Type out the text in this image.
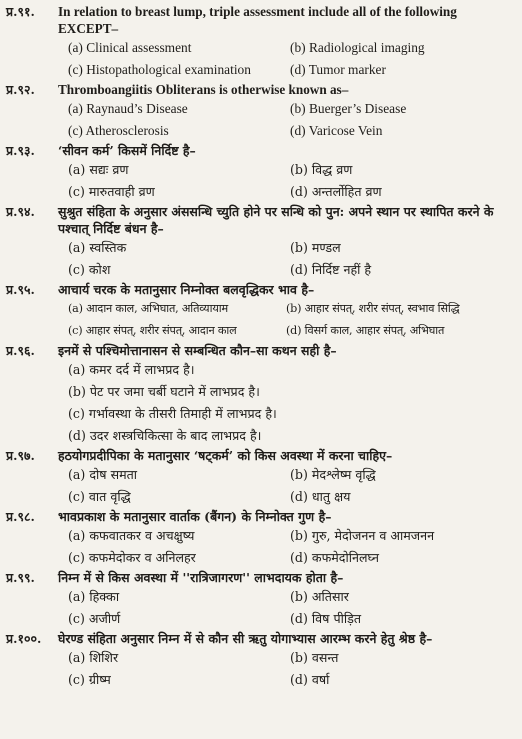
प्र.९१.	In relation to breast lump, triple assessment include all of the following EXCEPT–
(a) Clinical assessment	(b) Radiological imaging
(c) Histopathological examination	(d) Tumor marker
प्र.९२.	Thromboangiitis Obliterans is otherwise known as–
(a) Raynaud’s Disease	(b) Buerger’s Disease
(c) Atherosclerosis	(d) Varicose Vein
प्र.९३.	‘सीवन कर्म’ किसमें निर्दिष्ट है–
(a) सद्यः व्रण	(b) विद्ध व्रण
(c) मारुतवाही व्रण	(d) अन्तर्लोहित व्रण
प्र.९४.	सुश्रुत संहिता के अनुसार अंससन्धि च्युति होने पर सन्धि को पुन: अपने स्थान पर स्थापित करने के पश्चात् निर्दिष्ट बंधन है–
(a) स्वस्तिक	(b) मण्डल
(c) कोश	(d) निर्दिष्ट नहीं है
प्र.९५.	आचार्य चरक के मतानुसार निम्नोक्त बलवृद्धिकर भाव है–
(a) आदान काल, अभिघात, अतिव्यायाम	(b) आहार संपत्, शरीर संपत्, स्वभाव सिद्धि
(c) आहार संपत्, शरीर संपत्, आदान काल	(d) विसर्ग काल, आहार संपत्, अभिघात
प्र.९६.	इनमें से पश्चिमोत्तानासन से सम्बन्धित कौन–सा कथन सही है–
(a) कमर दर्द में लाभप्रद है।
(b) पेट पर जमा चर्बी घटाने में लाभप्रद है।
(c) गर्भावस्था के तीसरी तिमाही में लाभप्रद है।
(d) उदर शस्त्रचिकित्सा के बाद लाभप्रद है।
प्र.९७.	हठयोगप्रदीपिका के मतानुसार ‘षट्कर्म’ को किस अवस्था में करना चाहिए–
(a) दोष समता	(b) मेदश्लेष्म वृद्धि
(c) वात वृद्धि	(d) धातु क्षय
प्र.९८.	भावप्रकाश के मतानुसार वार्ताक (बैंगन) के निम्नोक्त गुण है–
(a) कफवातकर व अचक्षुष्य	(b) गुरु, मेदोजनन व आमजनन
(c) कफमेदोकर व अनिलहर	(d) कफमेदोनिलघ्न
प्र.९९.	निम्न में से किस अवस्था में ''रात्रिजागरण'' लाभदायक होता है–
(a) हिक्का	(b) अतिसार
(c) अजीर्ण	(d) विष पीड़ित
प्र.१००.	घेरण्ड संहिता अनुसार निम्न में से कौन सी ऋतु योगाभ्यास आरम्भ करने हेतु श्रेष्ठ है–
(a) शिशिर	(b) वसन्त
(c) ग्रीष्म	(d) वर्षा
